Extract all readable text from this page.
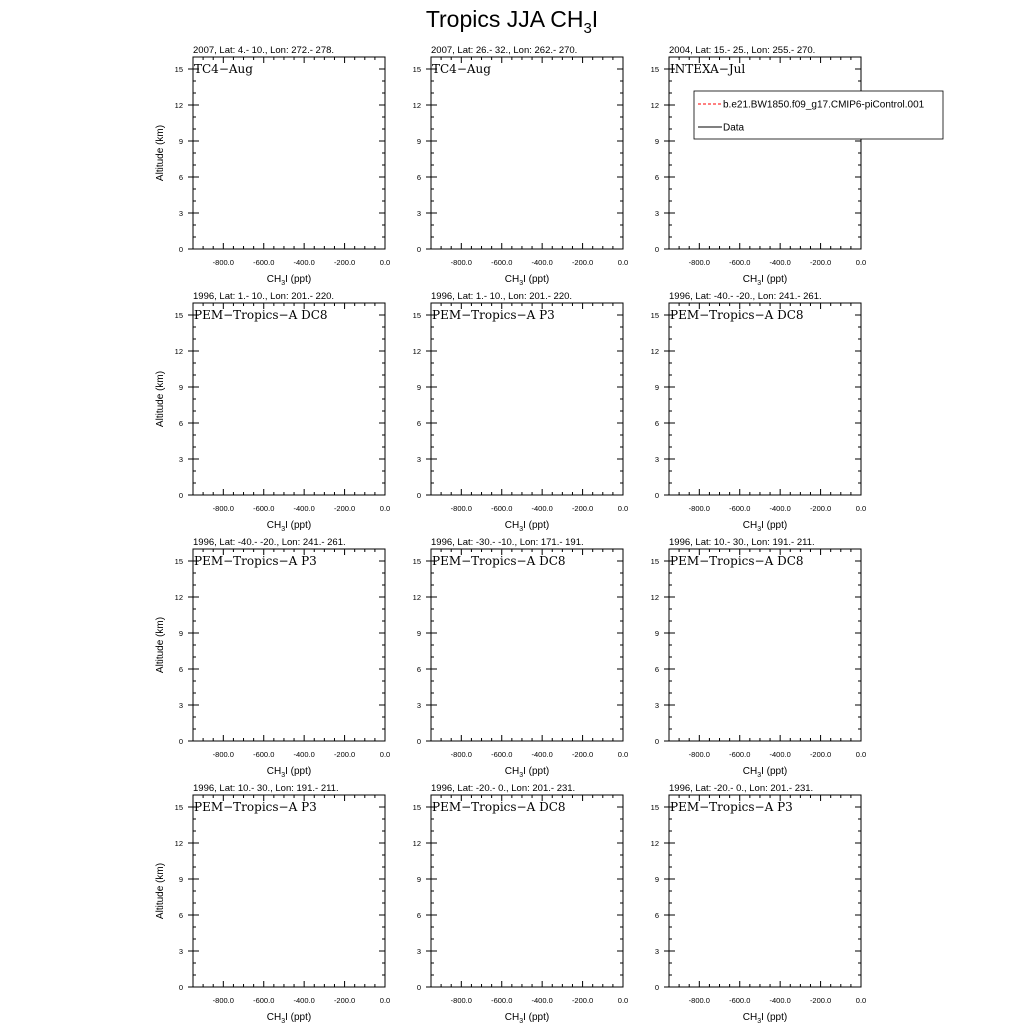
Tropics JJA $CH_3I$
2007, Lat: 4.- 10., Lon: 272.- 278.
TC4−Aug
-800.0	-600.0	-400.0	-200.0	0.0
0
3
6
9
12
15
$CH_3I$ (ppt)
Altitude (km)
2007, Lat: 26.- 32., Lon: 262.- 270.
TC4−Aug
-800.0	-600.0	-400.0	-200.0	0.0
0
3
6
9
12
15
$CH_3I$ (ppt)
2004, Lat: 15.- 25., Lon: 255.- 270.
INTEXA−Jul
-800.0	-600.0	-400.0	-200.0	0.0
0
3
6
9
12
15
$CH_3I$ (ppt)
1996, Lat: 1.- 10., Lon: 201.- 220.
PEM−Tropics−A DC8
-800.0	-600.0	-400.0	-200.0	0.0
0
3
6
9
12
15
$CH_3I$ (ppt)
Altitude (km)
1996, Lat: 1.- 10., Lon: 201.- 220.
PEM−Tropics−A P3
-800.0	-600.0	-400.0	-200.0	0.0
0
3
6
9
12
15
$CH_3I$ (ppt)
1996, Lat: -40.- -20., Lon: 241.- 261.
PEM−Tropics−A DC8
-800.0	-600.0	-400.0	-200.0	0.0
0
3
6
9
12
15
$CH_3I$ (ppt)
1996, Lat: -40.- -20., Lon: 241.- 261.
PEM−Tropics−A P3
-800.0	-600.0	-400.0	-200.0	0.0
0
3
6
9
12
15
$CH_3I$ (ppt)
Altitude (km)
1996, Lat: -30.- -10., Lon: 171.- 191.
PEM−Tropics−A DC8
-800.0	-600.0	-400.0	-200.0	0.0
0
3
6
9
12
15
$CH_3I$ (ppt)
1996, Lat: 10.- 30., Lon: 191.- 211.
PEM−Tropics−A DC8
-800.0	-600.0	-400.0	-200.0	0.0
0
3
6
9
12
15
$CH_3I$ (ppt)
1996, Lat: 10.- 30., Lon: 191.- 211.
PEM−Tropics−A P3
-800.0	-600.0	-400.0	-200.0	0.0
0
3
6
9
12
15
$CH_3I$ (ppt)
Altitude (km)
1996, Lat: -20.- 0., Lon: 201.- 231.
PEM−Tropics−A DC8
-800.0	-600.0	-400.0	-200.0	0.0
0
3
6
9
12
15
$CH_3I$ (ppt)
1996, Lat: -20.- 0., Lon: 201.- 231.
PEM−Tropics−A P3
-800.0	-600.0	-400.0	-200.0	0.0
0
3
6
9
12
15
$CH_3I$ (ppt)
b.e21.BW1850.f09_g17.CMIP6-piControl.001
Data
